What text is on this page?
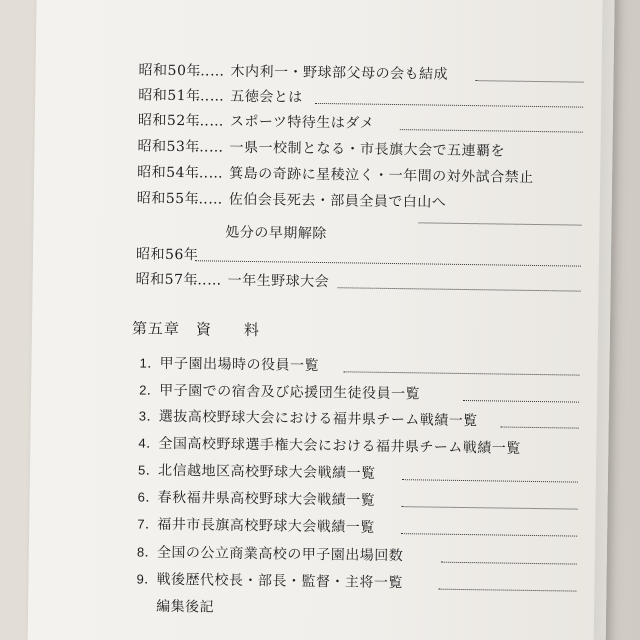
昭和50年
…… 木内利一・野球部父母の会も結成
昭和51年
…… 五徳会とは
昭和52年
…… スポーツ特待生はダメ
昭和53年
…… 一県一校制となる・市長旗大会で五連覇を
昭和54年
…… 箕島の奇跡に星稜泣く・一年間の対外試合禁止
昭和55年
…… 佐伯会長死去・部員全員で白山へ
処分の早期解除
昭和56年
昭和57年
…… 一年生野球大会
第五章　資　　料
1．
甲子園出場時の役員一覧
2．
甲子園での宿舎及び応援団生徒役員一覧
3．
選抜高校野球大会における福井県チーム戦績一覧
4．
全国高校野球選手権大会における福井県チーム戦績一覧
5．
北信越地区高校野球大会戦績一覧
6．
春秋福井県高校野球大会戦績一覧
7．
福井市長旗高校野球大会戦績一覧
8．
全国の公立商業高校の甲子園出場回数
9．
戦後歴代校長・部長・監督・主将一覧
編集後記
